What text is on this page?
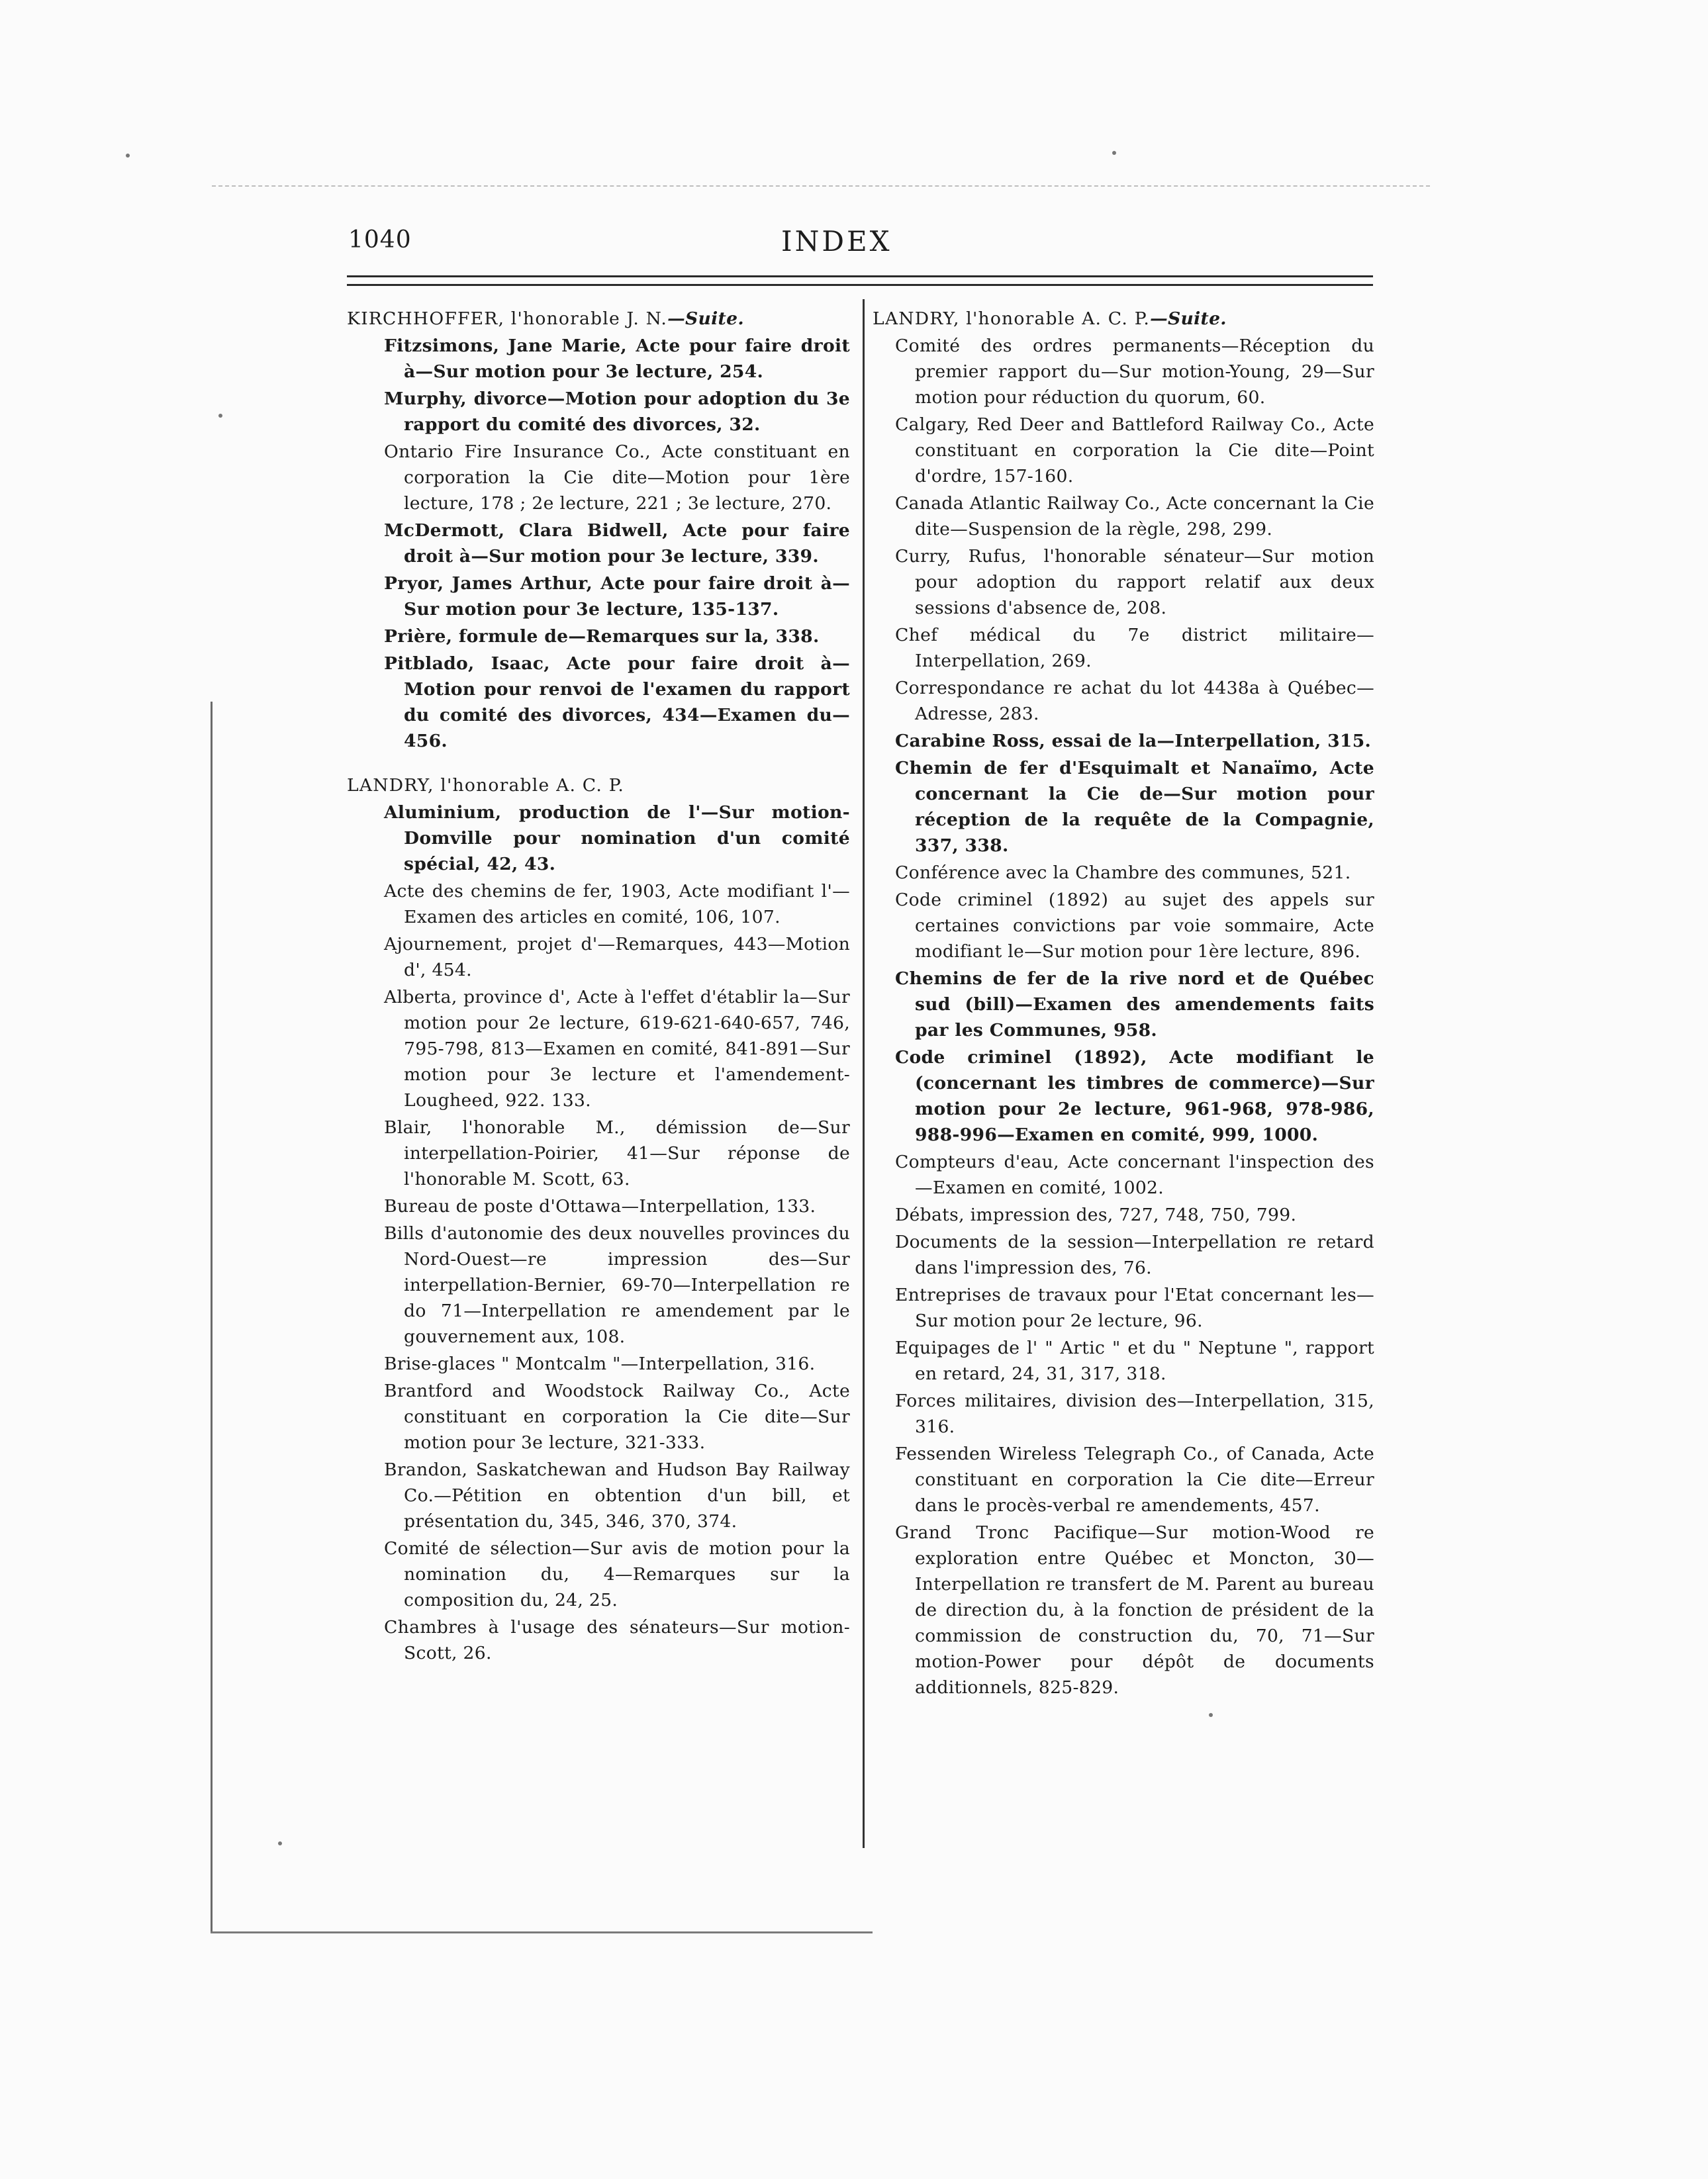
1040	INDEX

KIRCHHOFFER, l'honorable J. N.—Suite.

Fitzsimons, Jane Marie, Acte pour faire droit à—Sur motion pour 3e lecture, 254.
Murphy, divorce—Motion pour adoption du 3e rapport du comité des divorces, 32.
Ontario Fire Insurance Co., Acte constituant en corporation la Cie dite—Motion pour 1ère lecture, 178 ; 2e lecture, 221 ; 3e lecture, 270.
McDermott, Clara Bidwell, Acte pour faire droit à—Sur motion pour 3e lecture, 339.
Pryor, James Arthur, Acte pour faire droit à—Sur motion pour 3e lecture, 135-137.
Prière, formule de—Remarques sur la, 338.
Pitblado, Isaac, Acte pour faire droit à—Motion pour renvoi de l'examen du rapport du comité des divorces, 434—Examen du—456.

LANDRY, l'honorable A. C. P.

Aluminium, production de l'—Sur motion-Domville pour nomination d'un comité spécial, 42, 43.
Acte des chemins de fer, 1903, Acte modifiant l'—Examen des articles en comité, 106, 107.
Ajournement, projet d'—Remarques, 443—Motion d', 454.
Alberta, province d', Acte à l'effet d'établir la—Sur motion pour 2e lecture, 619-621-640-657, 746, 795-798, 813—Examen en comité, 841-891—Sur motion pour 3e lecture et l'amendement-Lougheed, 922. 133.
Blair, l'honorable M., démission de—Sur interpellation-Poirier, 41—Sur réponse de l'honorable M. Scott, 63.
Bureau de poste d'Ottawa—Interpellation, 133.
Bills d'autonomie des deux nouvelles provinces du Nord-Ouest—re impression des—Sur interpellation-Bernier, 69-70—Interpellation re do 71—Interpellation re amendement par le gouvernement aux, 108.
Brise-glaces " Montcalm "—Interpellation, 316.
Brantford and Woodstock Railway Co., Acte constituant en corporation la Cie dite—Sur motion pour 3e lecture, 321-333.
Brandon, Saskatchewan and Hudson Bay Railway Co.—Pétition en obtention d'un bill, et présentation du, 345, 346, 370, 374.
Comité de sélection—Sur avis de motion pour la nomination du, 4—Remarques sur la composition du, 24, 25.
Chambres à l'usage des sénateurs—Sur motion-Scott, 26.

LANDRY, l'honorable A. C. P.—Suite.

Comité des ordres permanents—Réception du premier rapport du—Sur motion-Young, 29—Sur motion pour réduction du quorum, 60.
Calgary, Red Deer and Battleford Railway Co., Acte constituant en corporation la Cie dite—Point d'ordre, 157-160.
Canada Atlantic Railway Co., Acte concernant la Cie dite—Suspension de la règle, 298, 299.
Curry, Rufus, l'honorable sénateur—Sur motion pour adoption du rapport relatif aux deux sessions d'absence de, 208.
Chef médical du 7e district militaire—Interpellation, 269.
Correspondance re achat du lot 4438a à Québec—Adresse, 283.
Carabine Ross, essai de la—Interpellation, 315.
Chemin de fer d'Esquimalt et Nanaïmo, Acte concernant la Cie de—Sur motion pour réception de la requête de la Compagnie, 337, 338.
Conférence avec la Chambre des communes, 521.
Code criminel (1892) au sujet des appels sur certaines convictions par voie sommaire, Acte modifiant le—Sur motion pour 1ère lecture, 896.
Chemins de fer de la rive nord et de Québec sud (bill)—Examen des amendements faits par les Communes, 958.
Code criminel (1892), Acte modifiant le (concernant les timbres de commerce)—Sur motion pour 2e lecture, 961-968, 978-986, 988-996—Examen en comité, 999, 1000.
Compteurs d'eau, Acte concernant l'inspection des—Examen en comité, 1002.
Débats, impression des, 727, 748, 750, 799.
Documents de la session—Interpellation re retard dans l'impression des, 76.
Entreprises de travaux pour l'Etat concernant les—Sur motion pour 2e lecture, 96.
Equipages de l' " Artic " et du " Neptune ", rapport en retard, 24, 31, 317, 318.
Forces militaires, division des—Interpellation, 315, 316.
Fessenden Wireless Telegraph Co., of Canada, Acte constituant en corporation la Cie dite—Erreur dans le procès-verbal re amendements, 457.
Grand Tronc Pacifique—Sur motion-Wood re exploration entre Québec et Moncton, 30—Interpellation re transfert de M. Parent au bureau de direction du, à la fonction de président de la commission de construction du, 70, 71—Sur motion-Power pour dépôt de documents additionnels, 825-829.
